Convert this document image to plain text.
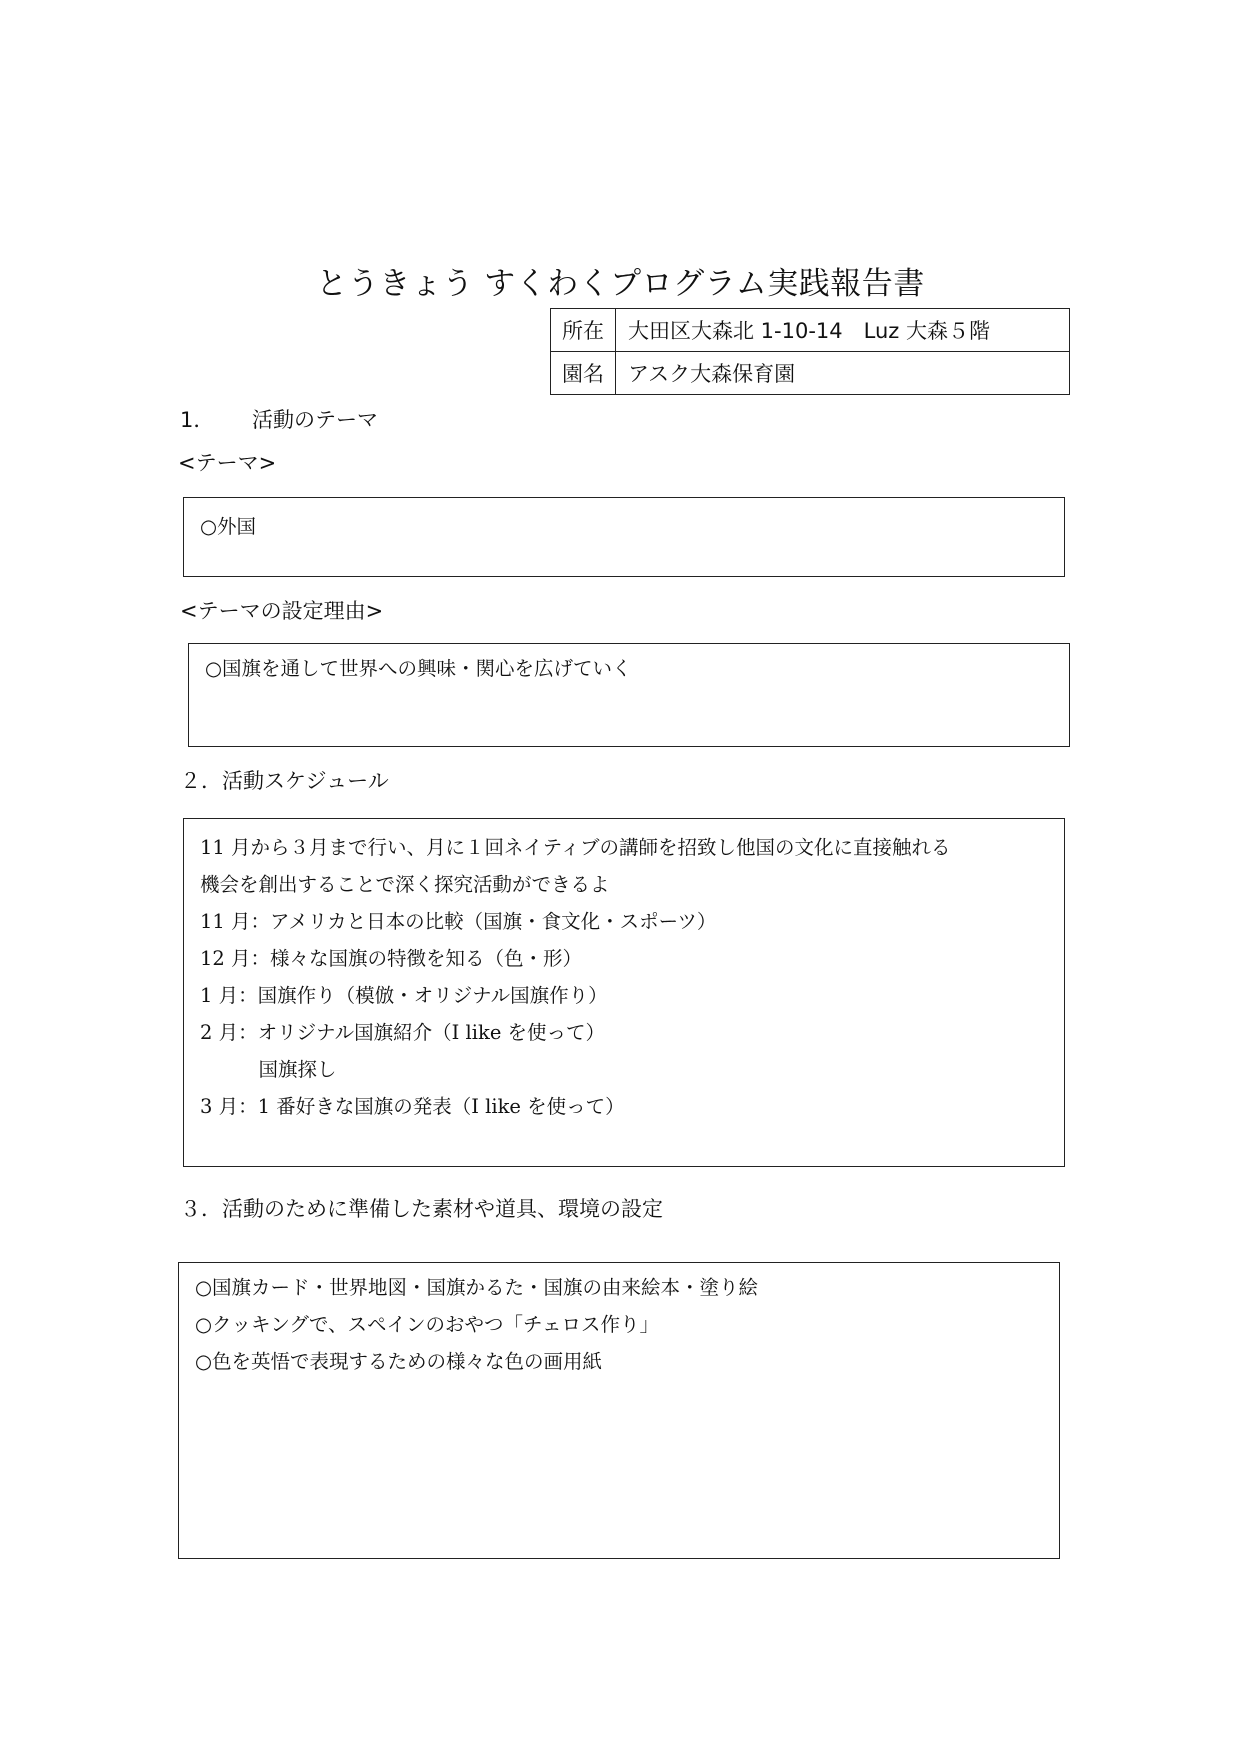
とうきょう すくわくプログラム実践報告書
所在	大田区大森北 1-10-14　Luz 大森５階
園名	アスク大森保育園
1． 活動のテーマ
<テーマ>
○外国
<テーマの設定理由>
○国旗を通して世界への興味・関心を広げていく
２．活動スケジュール
11 月から３月まで行い、月に１回ネイティブの講師を招致し他国の文化に直接触れる
機会を創出することで深く探究活動ができるよ
11 月：アメリカと日本の比較（国旗・食文化・スポーツ）
12 月：様々な国旗の特徴を知る（色・形）
1 月：国旗作り（模倣・オリジナル国旗作り）
2 月：オリジナル国旗紹介（I like を使って）
　　　国旗探し
3 月：1 番好きな国旗の発表（I like を使って）
３．活動のために準備した素材や道具、環境の設定
○国旗カード・世界地図・国旗かるた・国旗の由来絵本・塗り絵
○クッキングで、スペインのおやつ「チェロス作り」
○色を英悟で表現するための様々な色の画用紙
